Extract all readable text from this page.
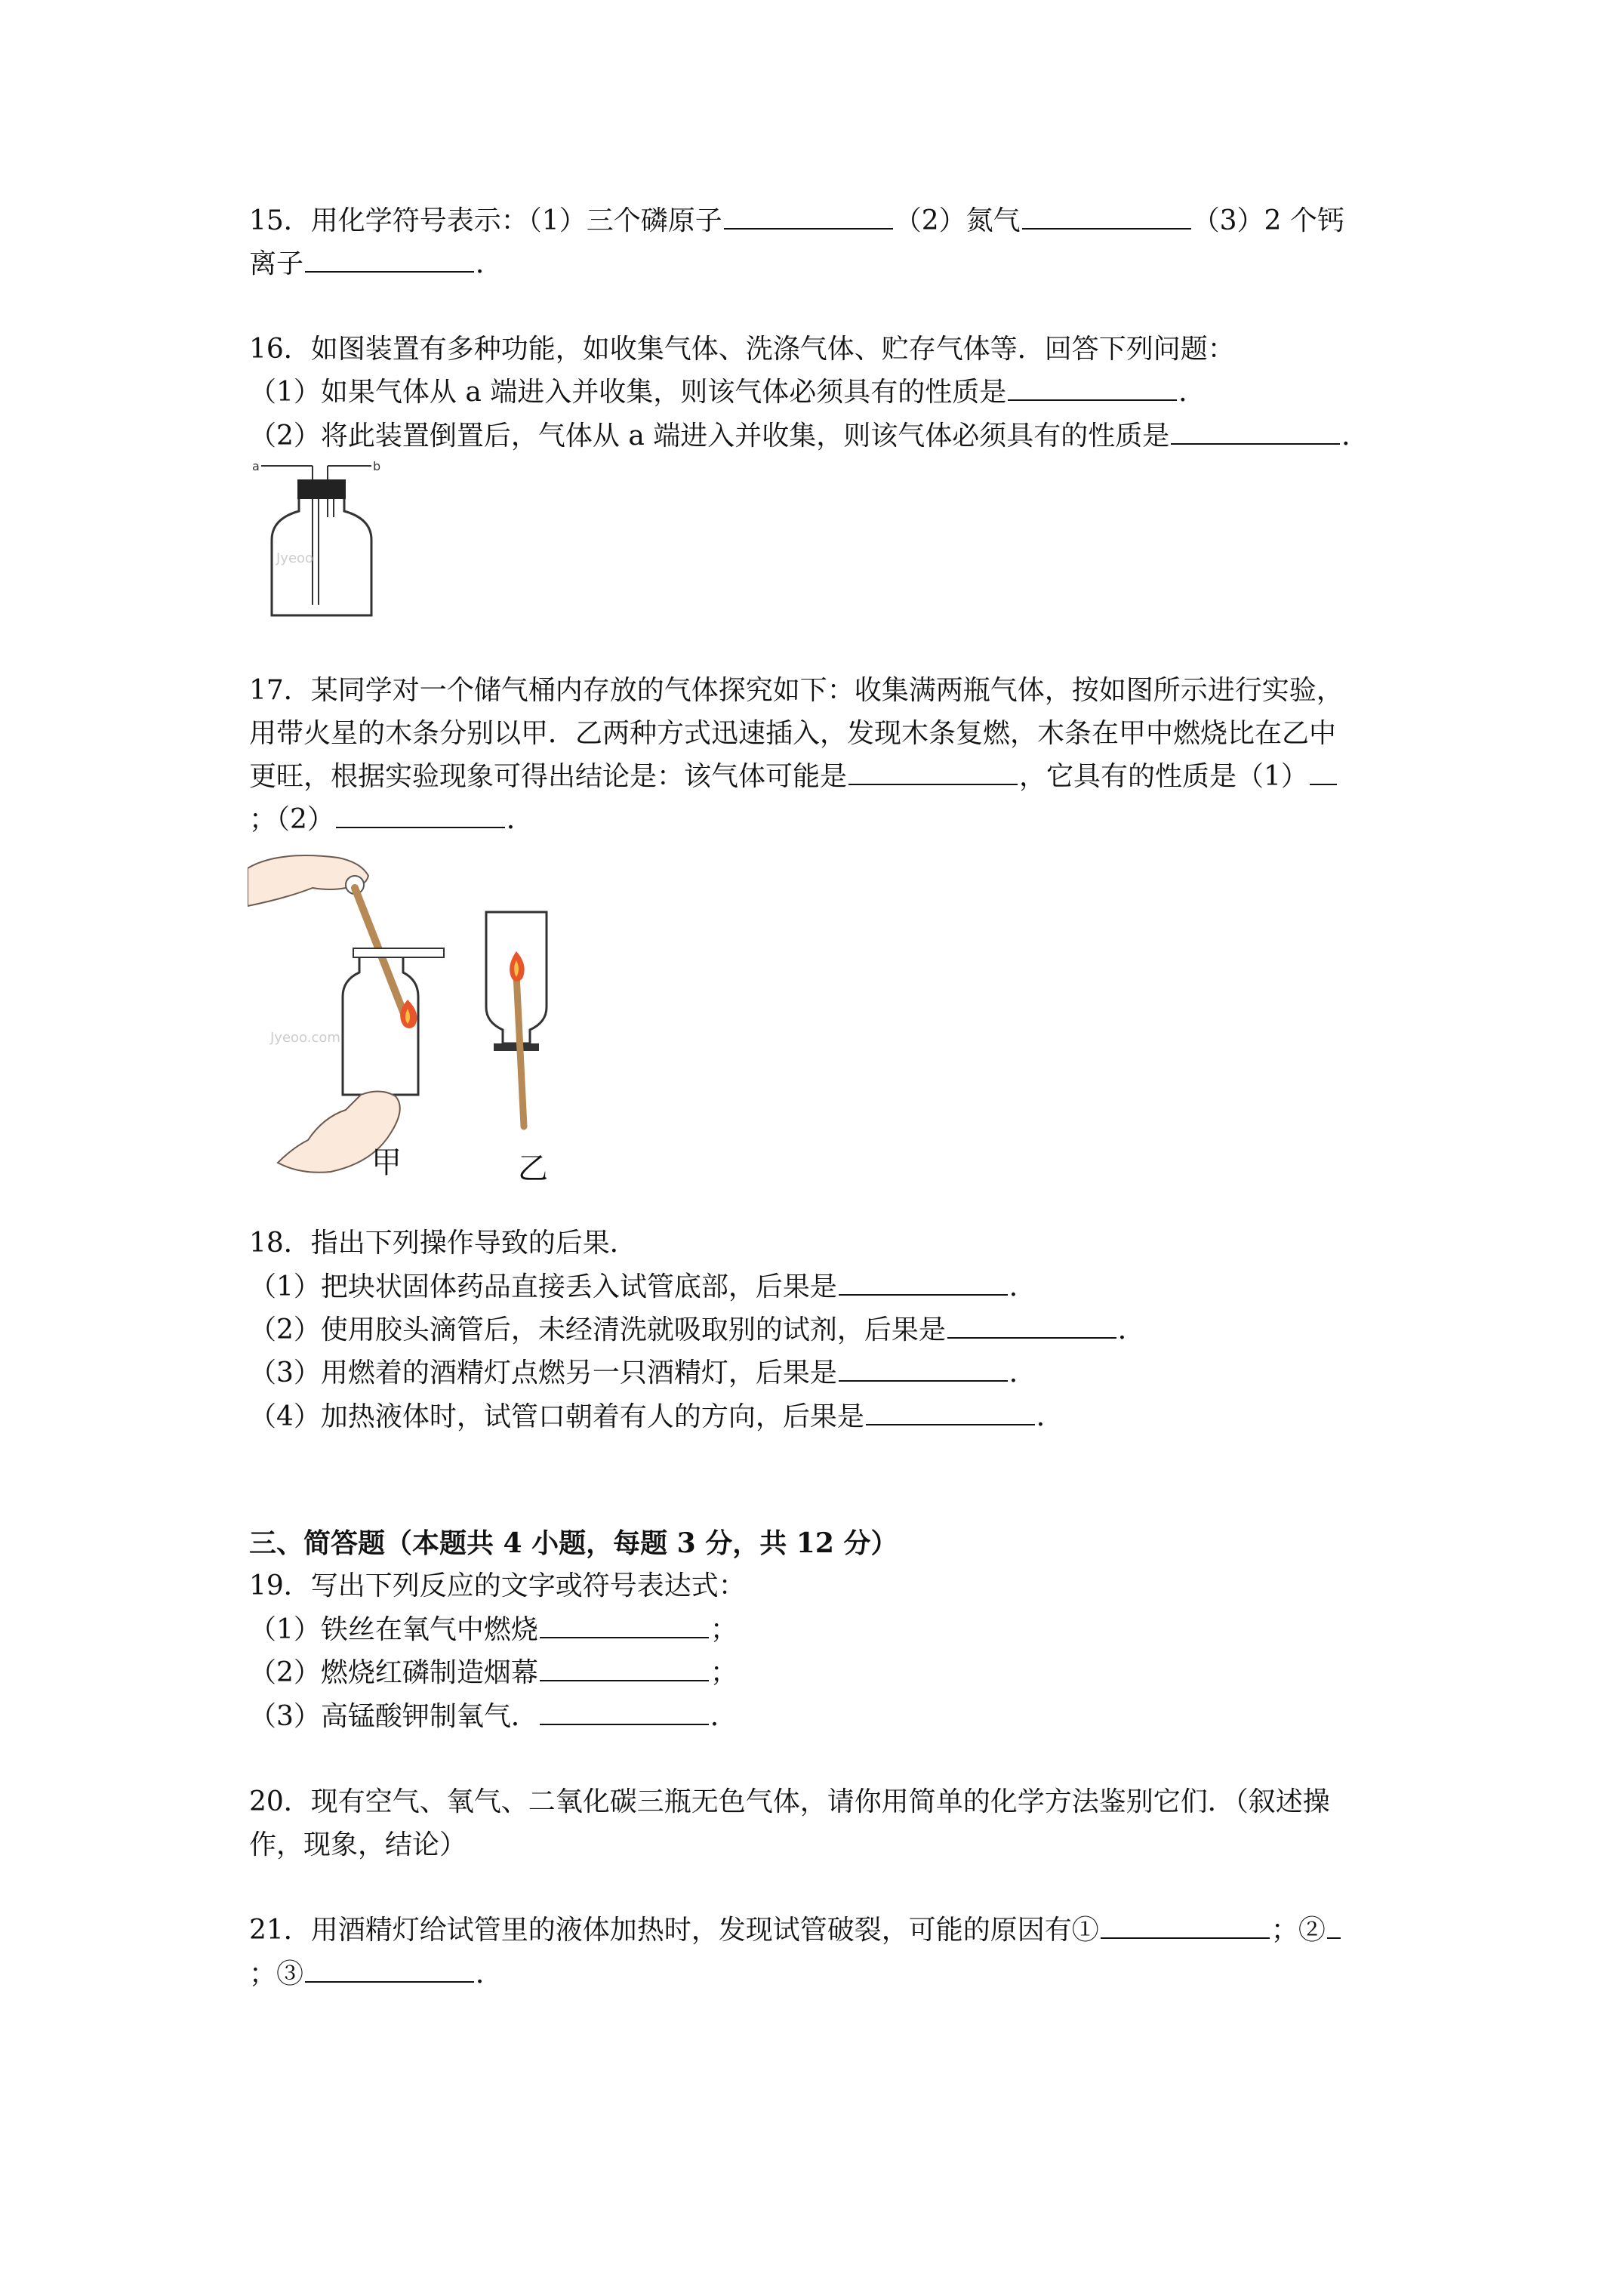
15．用化学符号表示：（1）三个磷原子	（2）氮气	（3）2 个钙
离子	．
16．如图装置有多种功能，如收集气体、洗涤气体、贮存气体等．回答下列问题：
（1）如果气体从 a 端进入并收集，则该气体必须具有的性质是	．
（2）将此装置倒置后，气体从 a 端进入并收集，则该气体必须具有的性质是	．
a	b
Jyeoo
17．某同学对一个储气桶内存放的气体探究如下：收集满两瓶气体，按如图所示进行实验，
用带火星的木条分别以甲．乙两种方式迅速插入，发现木条复燃，木条在甲中燃烧比在乙中
更旺，根据实验现象可得出结论是：该气体可能是	，它具有的性质是（1）
；（2）	．
Jyeoo.com
甲	乙
18．指出下列操作导致的后果．
（1）把块状固体药品直接丢入试管底部，后果是	．
（2）使用胶头滴管后，未经清洗就吸取别的试剂，后果是	．
（3）用燃着的酒精灯点燃另一只酒精灯，后果是	．
（4）加热液体时，试管口朝着有人的方向，后果是	．
三、简答题（本题共 4 小题，每题 3 分，共 12 分）
19．写出下列反应的文字或符号表达式：
（1）铁丝在氧气中燃烧	；
（2）燃烧红磷制造烟幕	；
（3）高锰酸钾制氧气．	．
20．现有空气、氧气、二氧化碳三瓶无色气体，请你用简单的化学方法鉴别它们．（叙述操
作，现象，结论）
21．用酒精灯给试管里的液体加热时，发现试管破裂，可能的原因有①	；②
；③	．
